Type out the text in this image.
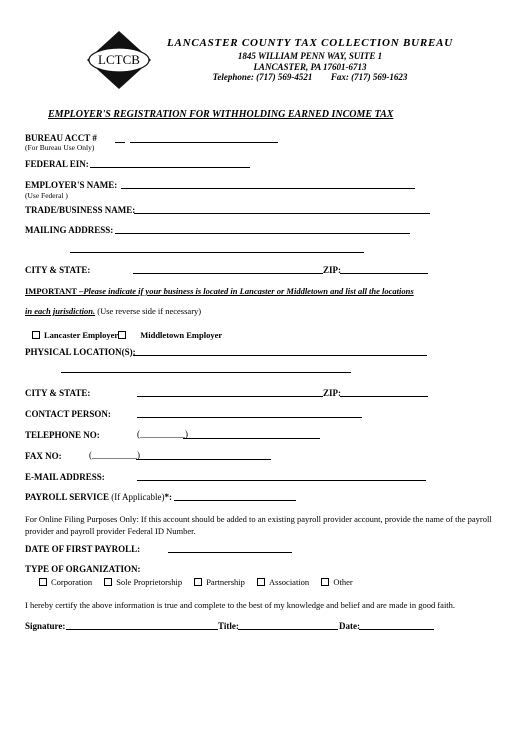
LCTCB
LANCASTER COUNTY TAX COLLECTION BUREAU
1845 WILLIAM PENN WAY, SUITE 1
LANCASTER, PA 17601-6713
Telephone: (717) 569-4521 Fax: (717) 569-1623
EMPLOYER'S REGISTRATION FOR WITHHOLDING EARNED INCOME TAX
BUREAU ACCT #
(For Bureau Use Only)
FEDERAL EIN:
EMPLOYER'S NAME:
(Use Federal )
TRADE/BUSINESS NAME:
MAILING ADDRESS:
CITY & STATE:	ZIP:
IMPORTANT –Please indicate if your business is located in Lancaster or Middletown and list all the locations
in each jurisdiction. (Use reverse side if necessary)
Lancaster Employer	Middletown Employer
PHYSICAL LOCATION(S):
CITY & STATE:	ZIP:
CONTACT PERSON:
TELEPHONE NO:	(__________)
FAX NO:	(__________)
E-MAIL ADDRESS:
PAYROLL SERVICE (If Applicable)*:
For Online Filing Purposes Only: If this account should be added to an existing payroll provider account, provide the name of the payroll provider and payroll provider Federal ID Number.
DATE OF FIRST PAYROLL:
TYPE OF ORGANIZATION:
Corporation	Sole Proprietorship	Partnership	Association	Other
I hereby certify the above information is true and complete to the best of my knowledge and belief and are made in good faith.
Signature:	Title:	Date:
